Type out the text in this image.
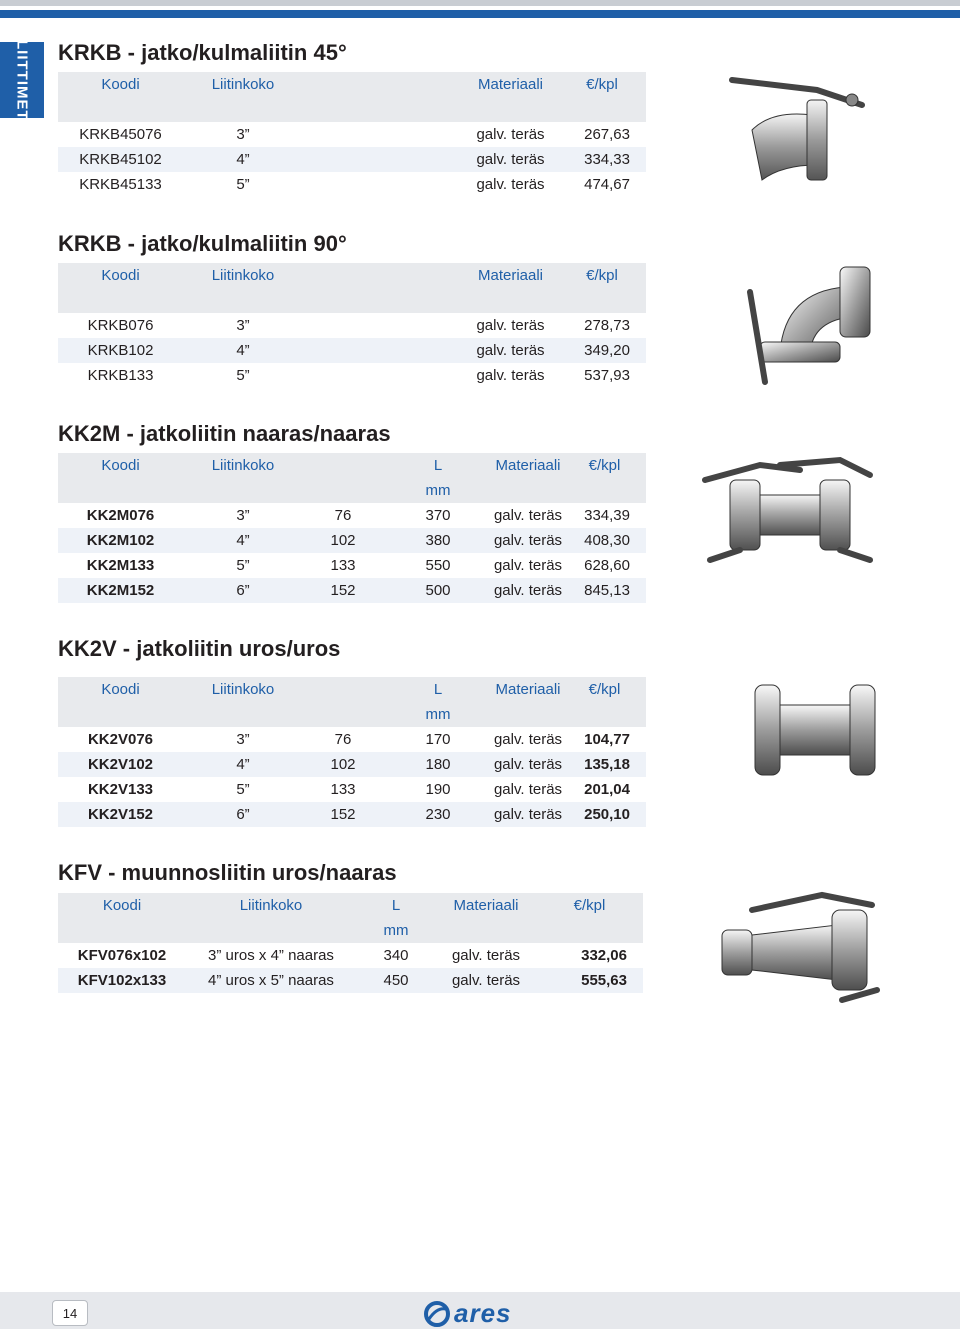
LIITTIMET KRKB - jatko/kulmaliitin 45°
Koodi	Liitinkoko		Materiaali	€/kpl

KRKB45076	3”		galv. teräs	267,63
KRKB45102	4”		galv. teräs	334,33
KRKB45133	5”		galv. teräs	474,67
KRKB - jatko/kulmaliitin 90°
Koodi	Liitinkoko		Materiaali	€/kpl

KRKB076	3”		galv. teräs	278,73
KRKB102	4”		galv. teräs	349,20
KRKB133	5”		galv. teräs	537,93
KK2M - jatkoliitin naaras/naaras
Koodi	Liitinkoko		L	Materiaali	€/kpl
			mm		
KK2M076	3”	76	370	galv. teräs	334,39
KK2M102	4”	102	380	galv. teräs	408,30
KK2M133	5”	133	550	galv. teräs	628,60
KK2M152	6”	152	500	galv. teräs	845,13
KK2V - jatkoliitin uros/uros
Koodi	Liitinkoko		L	Materiaali	€/kpl
			mm		
KK2V076	3”	76	170	galv. teräs	104,77
KK2V102	4”	102	180	galv. teräs	135,18
KK2V133	5”	133	190	galv. teräs	201,04
KK2V152	6”	152	230	galv. teräs	250,10
KFV - muunnosliitin uros/naaras
Koodi	Liitinkoko	L	Materiaali	€/kpl
		mm		
KFV076x102	3” uros x 4” naaras	340	galv. teräs	332,06
KFV102x133	4” uros x 5” naaras	450	galv. teräs	555,63
14	ares
